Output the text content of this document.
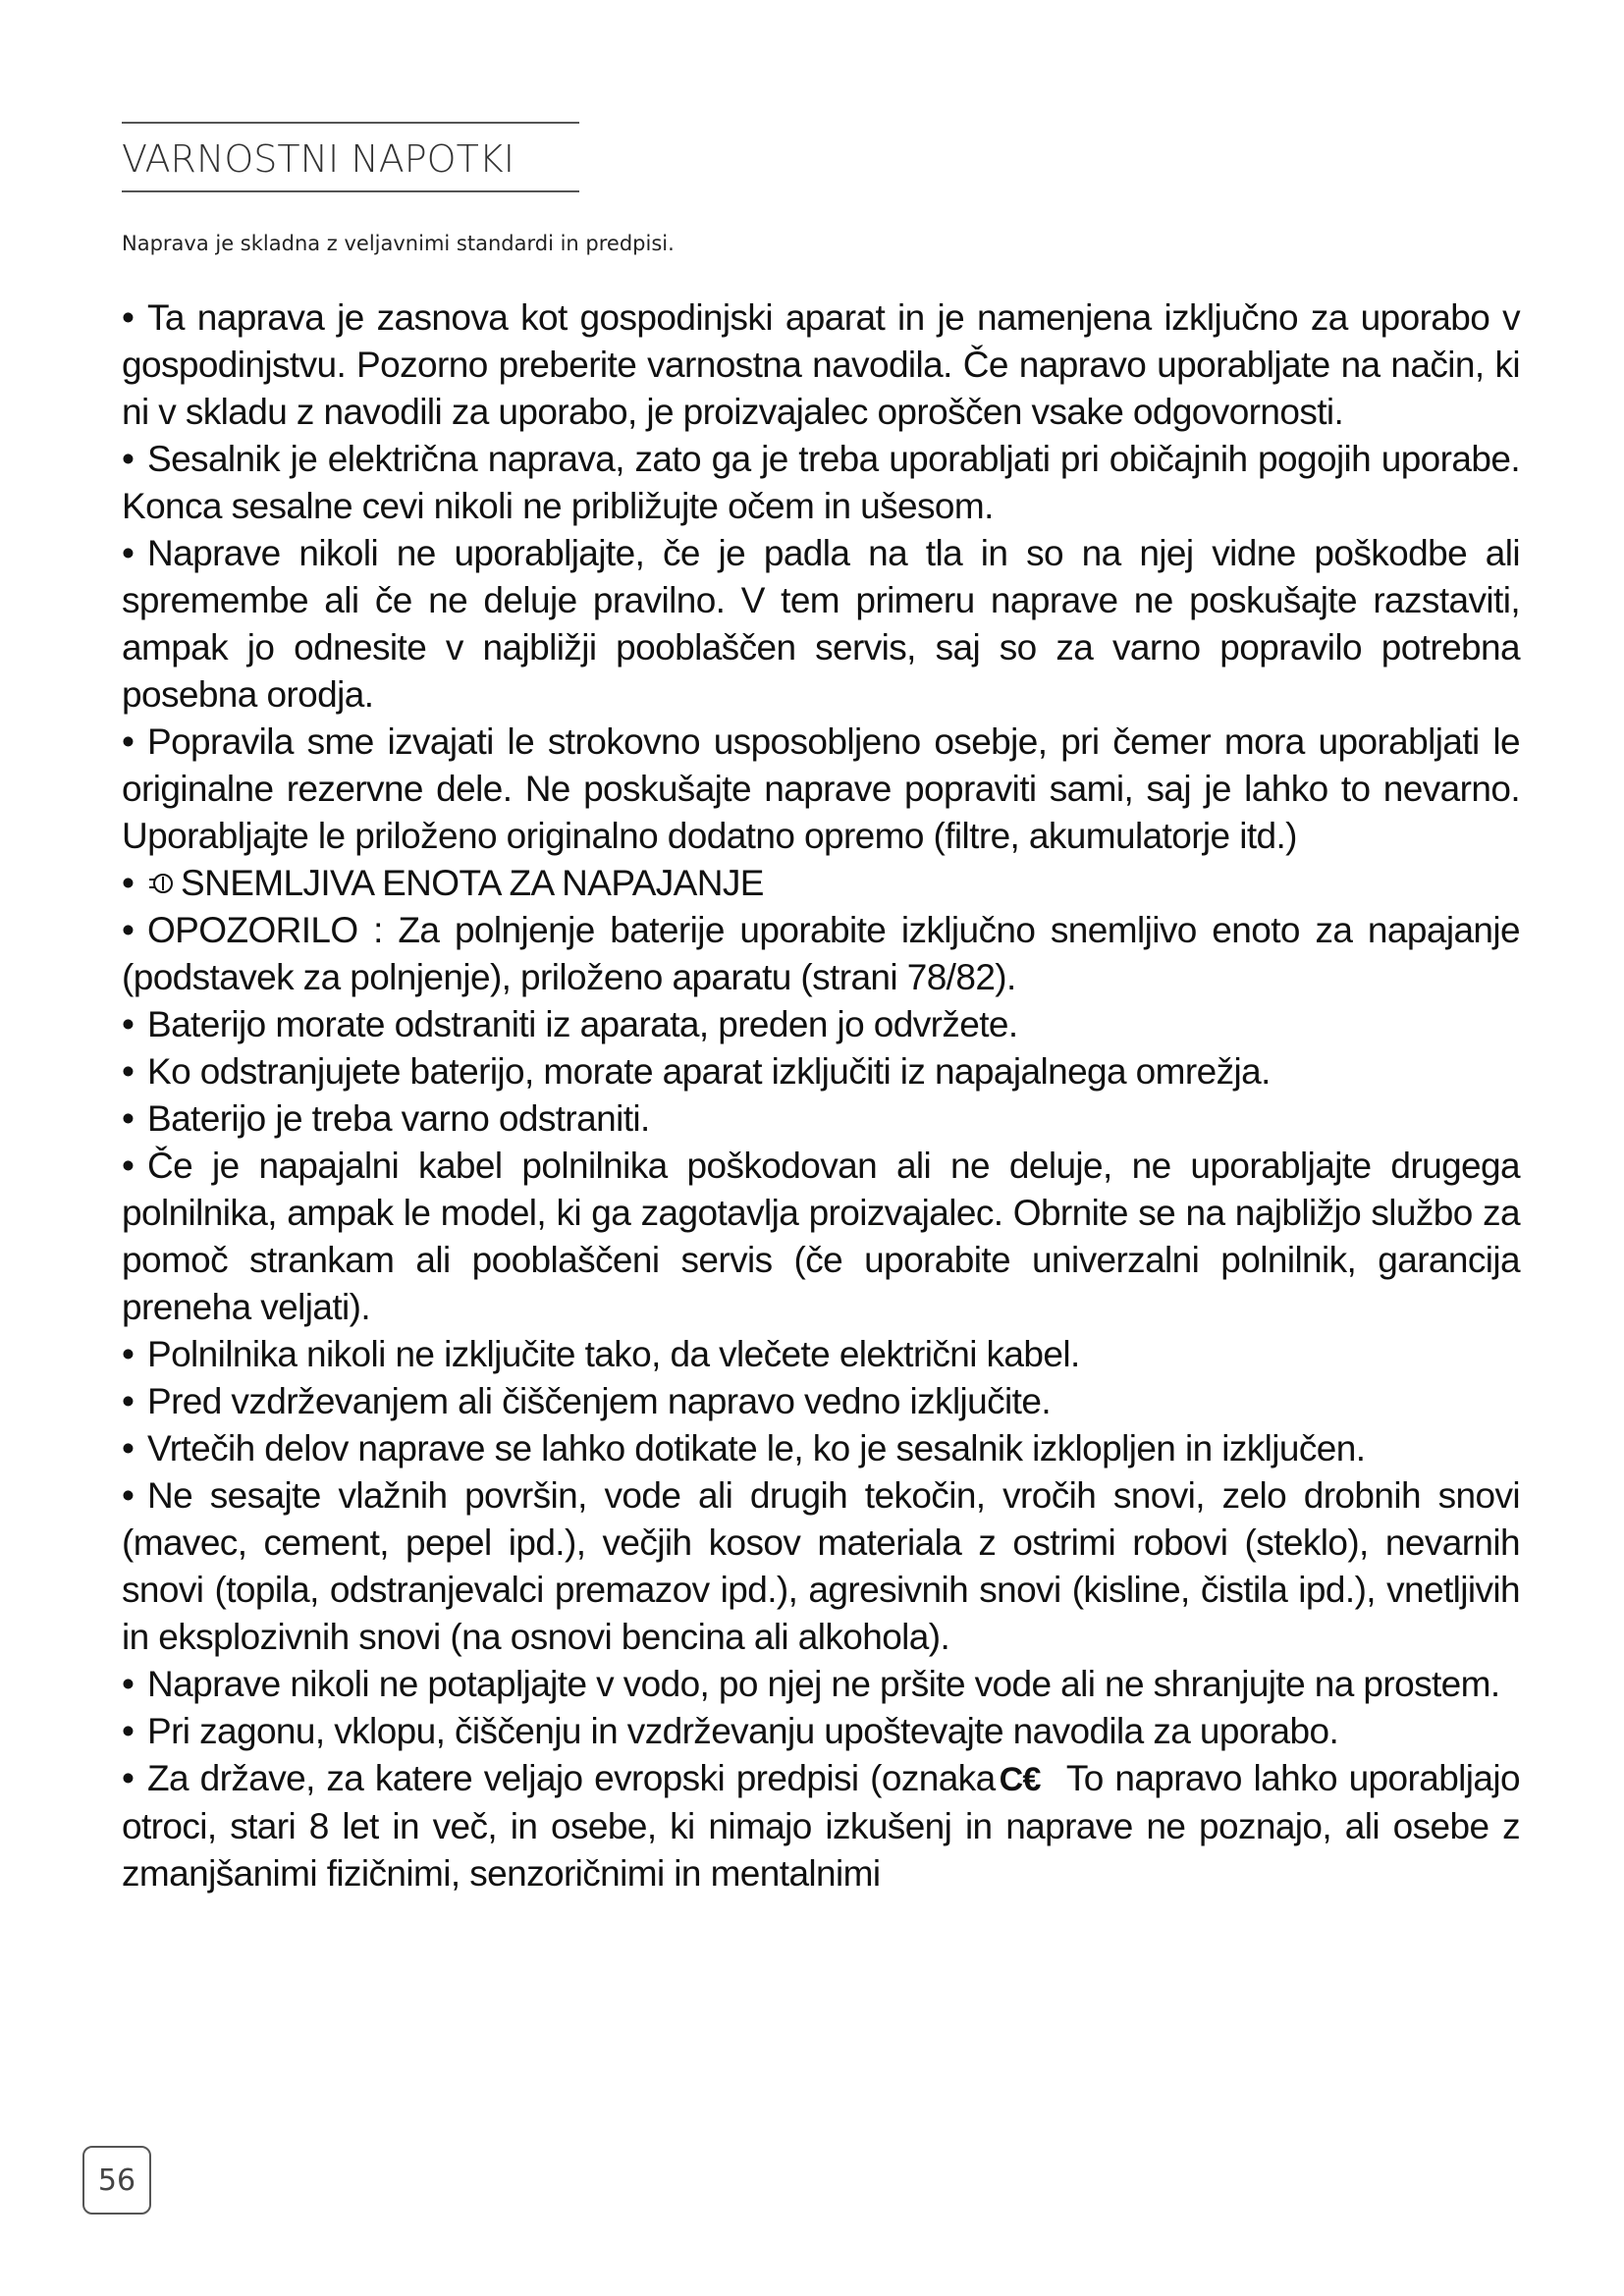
VARNOSTNI NAPOTKI
Naprava je skladna z veljavnimi standardi in predpisi.

• Ta naprava je zasnova kot gospodinjski aparat in je namenjena izključno za uporabo v gospodinjstvu. Pozorno preberite varnostna navodila. Če napravo uporabljate na način, ki ni v skladu z navodili za uporabo, je proizvajalec oproščen vsake odgovornosti.

• Sesalnik je električna naprava, zato ga je treba uporabljati pri običajnih pogojih uporabe. Konca sesalne cevi nikoli ne približujte očem in ušesom.

• Naprave nikoli ne uporabljajte, če je padla na tla in so na njej vidne poškodbe ali spremembe ali če ne deluje pravilno. V tem primeru naprave ne poskušajte razstaviti, ampak jo odnesite v najbližji pooblaščen servis, saj so za varno popravilo potrebna posebna orodja.

• Popravila sme izvajati le strokovno usposobljeno osebje, pri čemer mora uporabljati le originalne rezervne dele. Ne poskušajte naprave popraviti sami, saj je lahko to nevarno. Uporabljajte le priloženo originalno dodatno opremo (filtre, akumulatorje itd.)

• SNEMLJIVA ENOTA ZA NAPAJANJE

• OPOZORILO : Za polnjenje baterije uporabite izključno snemljivo enoto za napajanje (podstavek za polnjenje), priloženo aparatu (strani 78/82).

• Baterijo morate odstraniti iz aparata, preden jo odvržete.

• Ko odstranjujete baterijo, morate aparat izključiti iz napajalnega omrežja.

• Baterijo je treba varno odstraniti.

• Če je napajalni kabel polnilnika poškodovan ali ne deluje, ne uporabljajte drugega polnilnika, ampak le model, ki ga zagotavlja proizvajalec. Obrnite se na najbližjo službo za pomoč strankam ali pooblaščeni servis (če uporabite univerzalni polnilnik, garancija preneha veljati).

• Polnilnika nikoli ne izključite tako, da vlečete električni kabel.

• Pred vzdrževanjem ali čiščenjem napravo vedno izključite.

• Vrtečih delov naprave se lahko dotikate le, ko je sesalnik izklopljen in izključen.

• Ne sesajte vlažnih površin, vode ali drugih tekočin, vročih snovi, zelo drobnih snovi (mavec, cement, pepel ipd.), večjih kosov materiala z ostrimi robovi (steklo), nevarnih snovi (topila, odstranjevalci premazov ipd.), agresivnih snovi (kisline, čistila ipd.), vnetljivih in eksplozivnih snovi (na osnovi bencina ali alkohola).

• Naprave nikoli ne potapljajte v vodo, po njej ne pršite vode ali ne shranjujte na prostem.

• Pri zagonu, vklopu, čiščenju in vzdrževanju upoštevajte navodila za uporabo.

• Za države, za katere veljajo evropski predpisi (oznaka C€ To napravo lahko uporabljajo otroci, stari 8 let in več, in osebe, ki nimajo izkušenj in naprave ne poznajo, ali osebe z zmanjšanimi fizičnimi, senzoričnimi in mentalnimi

56
